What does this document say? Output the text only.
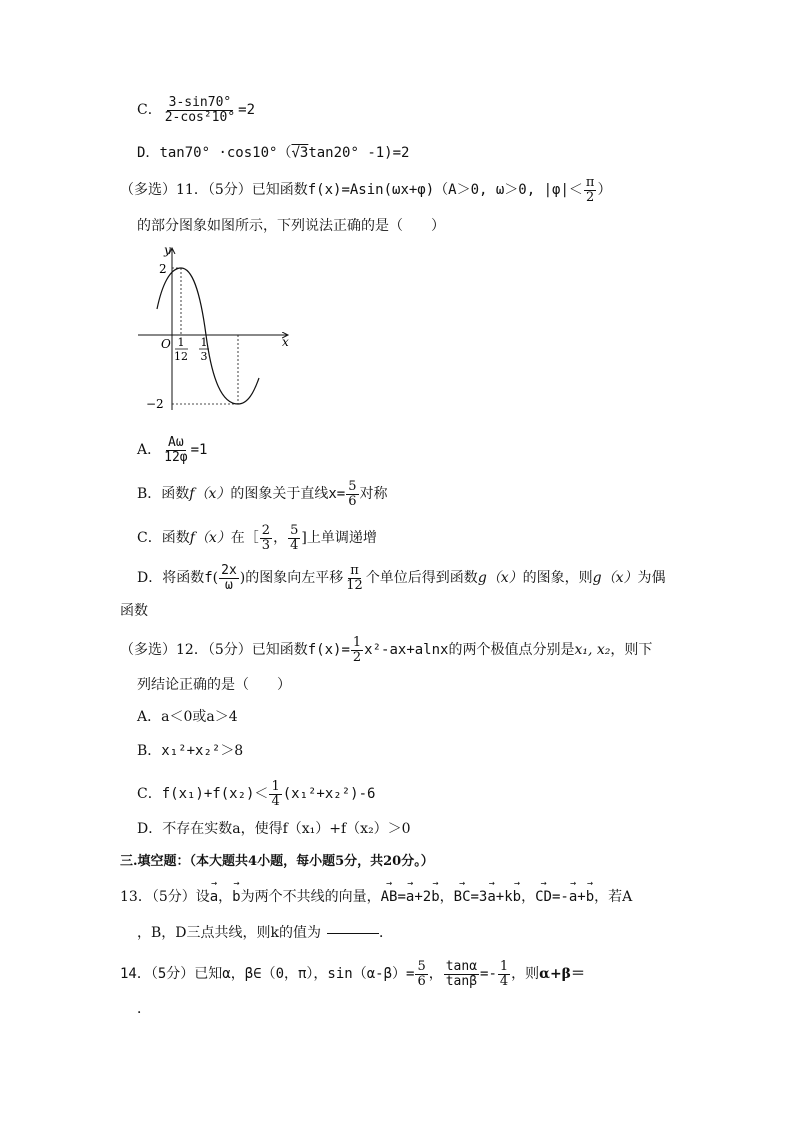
C． $\frac{3-\sin 70^\circ}{\text{2-cos²10°}} =2$
D．tan70° ·cos10°（√3tan20° -1)=2
（多选）11．（5分）已知函数f(x)=Asin(ωx+φ)（A＞0, ω＞0, $|\varphi|< \frac{\pi}{2}$ ）
的部分图象如图所示，下列说法正确的是（　　）
y
x
O
2
−2
1
12
1
3
A． $\frac{A\omega}{12\varphi} =1$
B．函数f（x）的图象关于直线$x= \frac{5}{6}$ 对称
C．函数f（x）在［ $\frac{2}{3}$ ， $\frac{5}{4}$ ]上单调递增
D．将函数$f( \frac{2x}{\omega}$ )的图象向左平移 $\frac{\pi}{12}$ 个单位后得到函数g（x）的图象，则g（x）为偶
函数
（多选）12．（5分）已知函数$f(x)= \frac{1}{2} x^2-ax+alnx$的两个极值点分别是x₁, x₂，则下
列结论正确的是（　　）
A．a＜0或a＞4
B．x₁²+x₂²＞8
C．$f(x_1)+f(x_2)< \frac{1}{4} (x_1^2+x_2^2)-6$
D．不存在实数a，使得f（x₁）+f（x₂）＞0
三.填空题：（本大题共4小题，每小题5分，共20分。）
13．（5分）设→ a，→ b为两个不共线的向量，→ AB=→ a+2→ b，→ BC=3→ a+k→ b，→ CD=-→ a+→ b，若A
，B，D三点共线，则k的值为	．
14．（5分）已知α，β∈（0，π），$\sin(\alpha-\beta)= \frac{5}{6}$ ， $\frac{\tan\alpha}{\tan\beta} =- \frac{1}{4}$ ，则α+β＝
．
